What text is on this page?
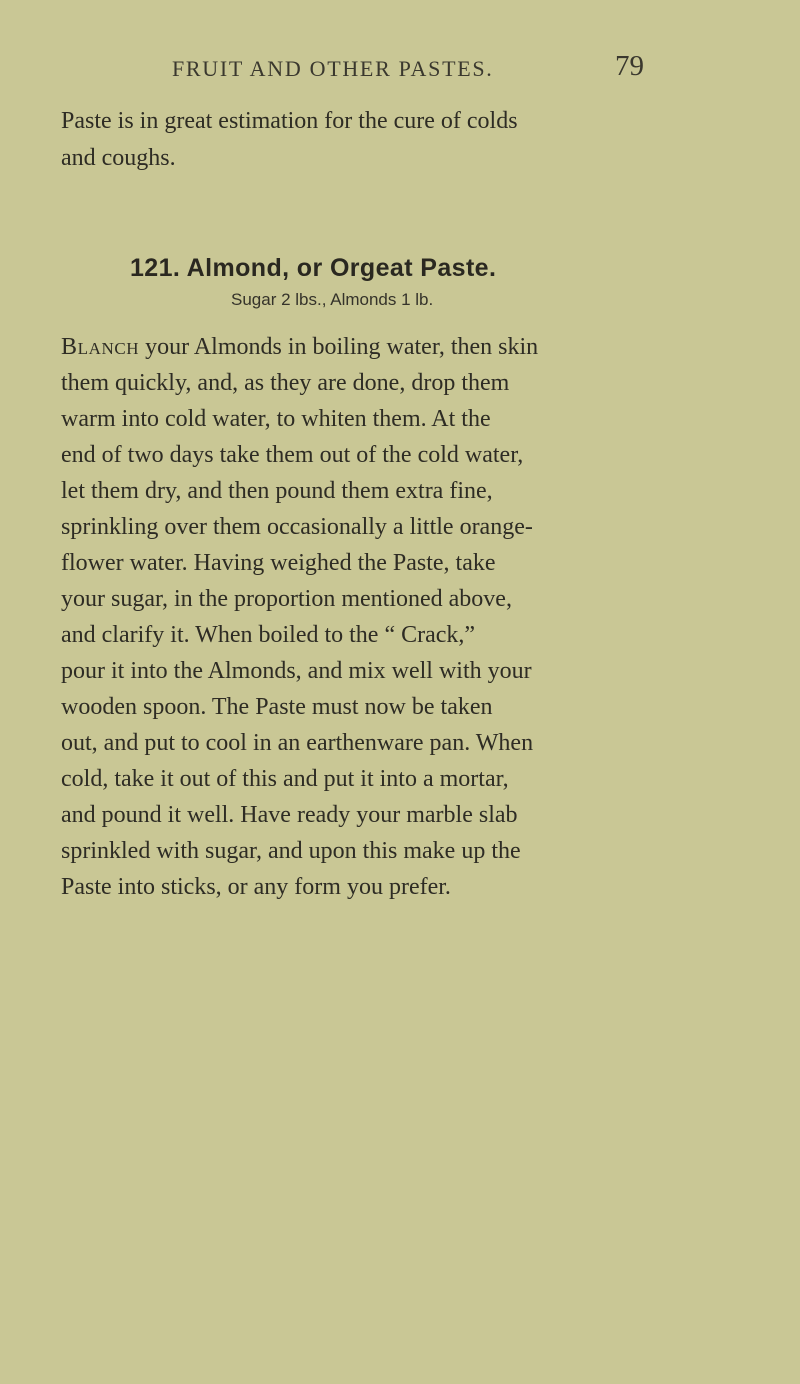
FRUIT AND OTHER PASTES.	79
Paste is in great estimation for the cure of colds
and coughs.
121. Almond, or Orgeat Paste.
Sugar 2 lbs., Almonds 1 lb.
Blanch your Almonds in boiling water, then skin
them quickly, and, as they are done, drop them
warm into cold water, to whiten them. At the
end of two days take them out of the cold water,
let them dry, and then pound them extra fine,
sprinkling over them occasionally a little orange-
flower water. Having weighed the Paste, take
your sugar, in the proportion mentioned above,
and clarify it. When boiled to the “ Crack,”
pour it into the Almonds, and mix well with your
wooden spoon. The Paste must now be taken
out, and put to cool in an earthenware pan. When
cold, take it out of this and put it into a mortar,
and pound it well. Have ready your marble slab
sprinkled with sugar, and upon this make up the
Paste into sticks, or any form you prefer.
